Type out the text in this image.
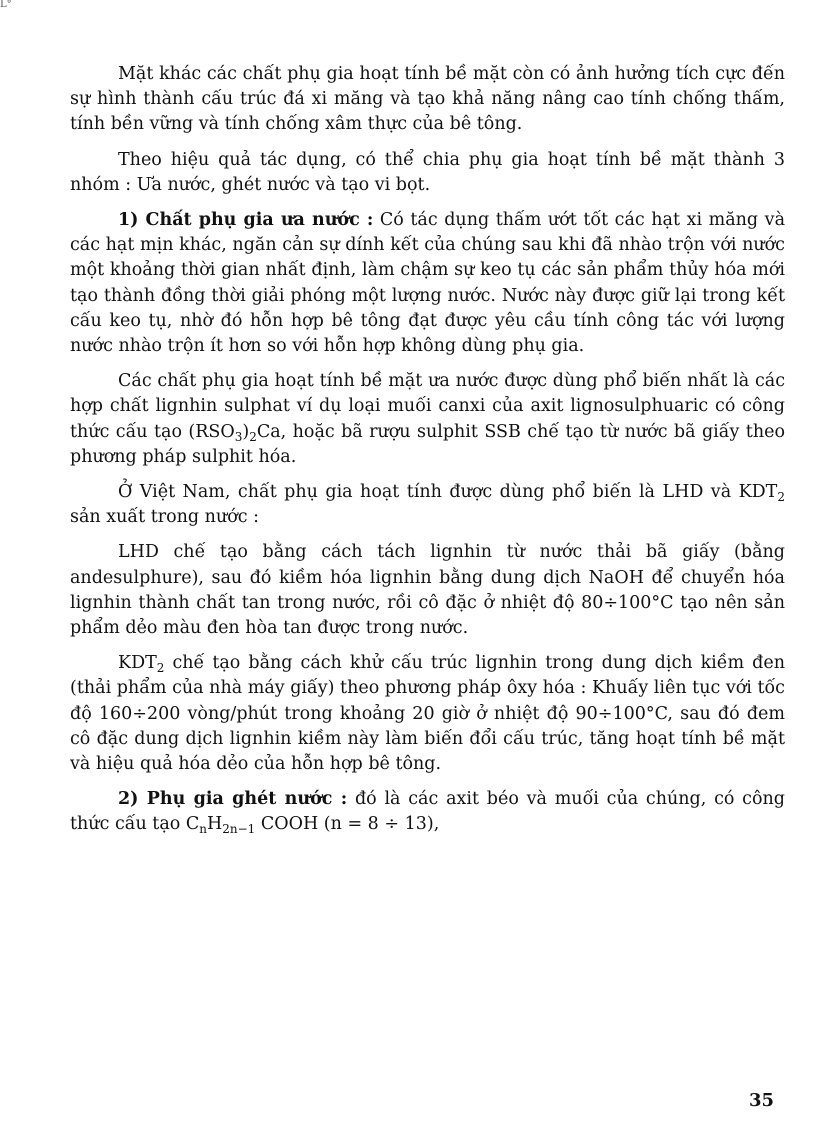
L°

Mặt khác các chất phụ gia hoạt tính bề mặt còn có ảnh hưởng tích cực đến sự hình thành cấu trúc đá xi măng và tạo khả năng nâng cao tính chống thấm, tính bền vững và tính chống xâm thực của bê tông.

Theo hiệu quả tác dụng, có thể chia phụ gia hoạt tính bề mặt thành 3 nhóm : Ưa nước, ghét nước và tạo vi bọt.

1) Chất phụ gia ưa nước : Có tác dụng thấm ướt tốt các hạt xi măng và các hạt mịn khác, ngăn cản sự dính kết của chúng sau khi đã nhào trộn với nước một khoảng thời gian nhất định, làm chậm sự keo tụ các sản phẩm thủy hóa mới tạo thành đồng thời giải phóng một lượng nước. Nước này được giữ lại trong kết cấu keo tụ, nhờ đó hỗn hợp bê tông đạt được yêu cầu tính công tác với lượng nước nhào trộn ít hơn so với hỗn hợp không dùng phụ gia.

Các chất phụ gia hoạt tính bề mặt ưa nước được dùng phổ biến nhất là các hợp chất lignhin sulphat ví dụ loại muối canxi của axit lignosulphuaric có công thức cấu tạo $(RSO_3)_2Ca$, hoặc bã rượu sulphit SSB chế tạo từ nước bã giấy theo phương pháp sulphit hóa.

Ở Việt Nam, chất phụ gia hoạt tính được dùng phổ biến là LHD và $KDT_2$ sản xuất trong nước :

LHD chế tạo bằng cách tách lignhin từ nước thải bã giấy (bằng andesulphure), sau đó kiềm hóa lignhin bằng dung dịch NaOH để chuyển hóa lignhin thành chất tan trong nước, rồi cô đặc ở nhiệt độ 80÷100°C tạo nên sản phẩm dẻo màu đen hòa tan được trong nước.

$KDT_2$ chế tạo bằng cách khử cấu trúc lignhin trong dung dịch kiềm đen (thải phẩm của nhà máy giấy) theo phương pháp ôxy hóa : Khuấy liên tục với tốc độ 160÷200 vòng/phút trong khoảng 20 giờ ở nhiệt độ 90÷100°C, sau đó đem cô đặc dung dịch lignhin kiềm này làm biến đổi cấu trúc, tăng hoạt tính bề mặt và hiệu quả hóa dẻo của hỗn hợp bê tông.

2) Phụ gia ghét nước : đó là các axit béo và muối của chúng, có công thức cấu tạo $C_nH_{2n-1}$ COOH (n = 8 ÷ 13),

35
